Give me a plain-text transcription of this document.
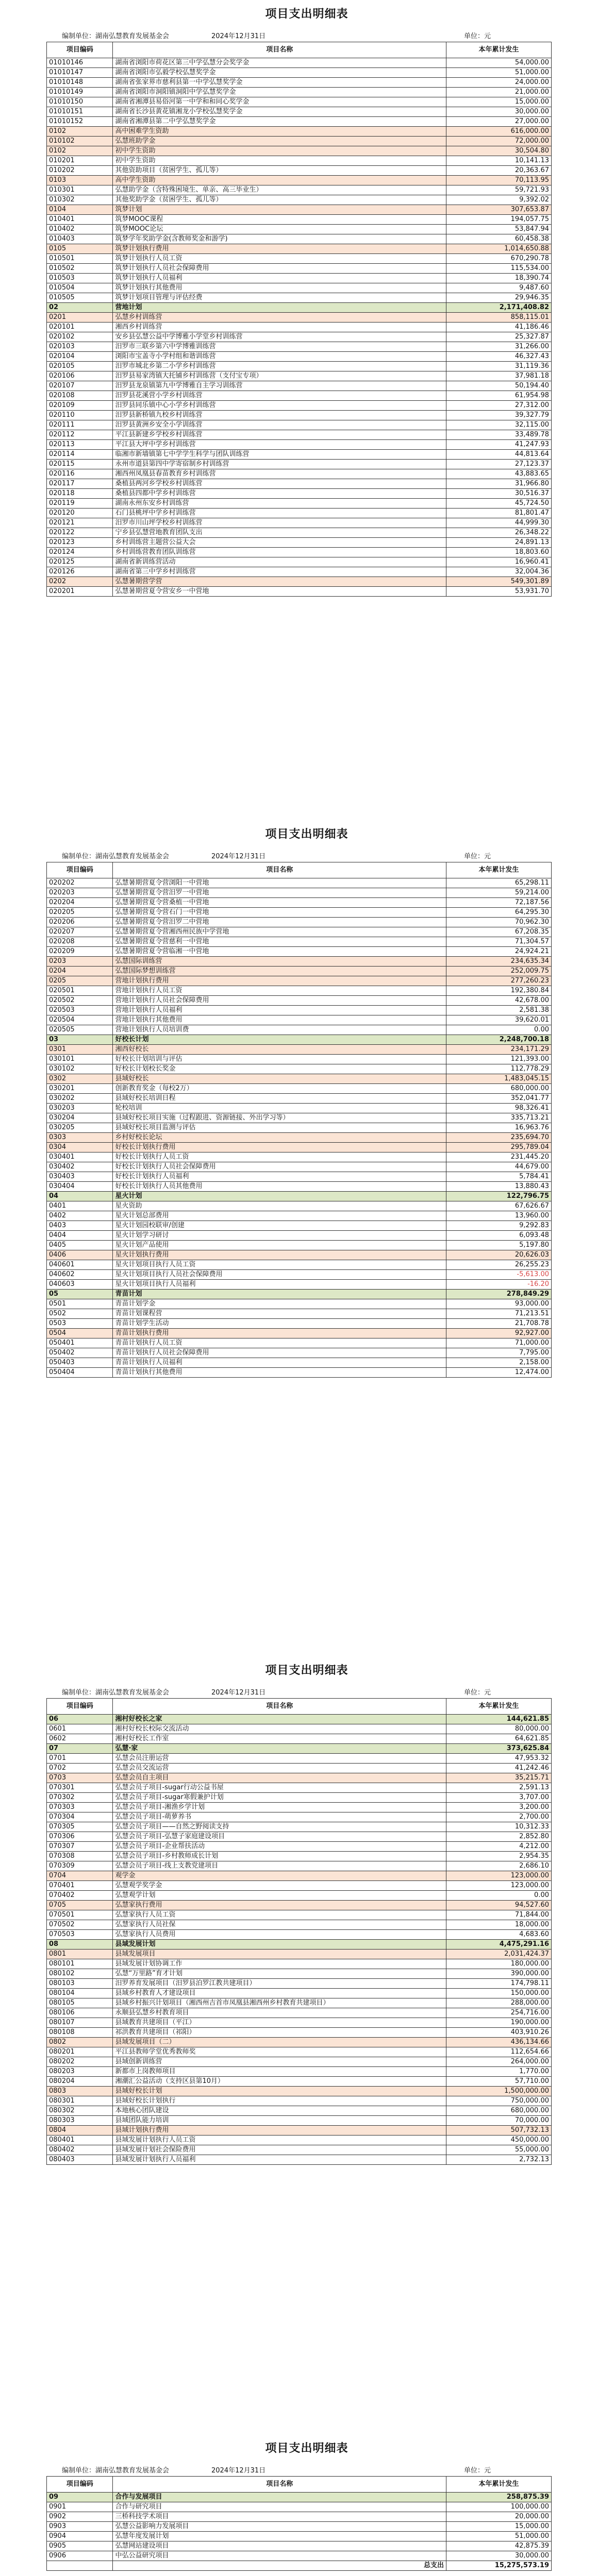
项目支出明细表
编制单位：湖南弘慧教育发展基金会	2024年12月31日	单位：元
项目编码	项目名称	本年累计发生
01010146	湖南省浏阳市荷花区第三中学弘慧分会奖学金	54,000.00
01010147	湖南省浏阳市弘毅学校弘慧奖学金	51,000.00
01010148	湖南省张家界市慈利县第一中学弘慧奖学金	24,000.00
01010149	湖南省浏阳市洞阳镇洞阳中学弘慧奖学金	21,000.00
01010150	湖南省湘潭县易俗河第一中学和和同心奖学金	15,000.00
01010151	湖南省长沙县黄花镇湘龙小学校弘慧奖学金	30,000.00
01010152	湖南省湘潭县第二中学弘慧奖学金	27,000.00
0102	高中困难学生资助	616,000.00
010102	弘慧班助学金	72,000.00
0102	初中学生资助	30,504.80
010201	初中学生资助	10,141.13
010202	其他资助项目（贫困学生、孤儿等）	20,363.67
0103	高中学生资助	70,113.95
010301	弘慧助学金（含特殊困境生、单亲、高三毕业生）	59,721.93
010302	其他奖助学金（贫困学生、孤儿等）	9,392.02
0104	筑梦计划	307,653.87
010401	筑梦MOOC课程	194,057.75
010402	筑梦MOOC论坛	53,847.94
010403	筑梦学年奖助学金(含教师奖金和游学)	60,458.38
0105	筑梦计划执行费用	1,014,650.88
010501	筑梦计划执行人员工资	670,290.78
010502	筑梦计划执行人员社会保障费用	115,534.00
010503	筑梦计划执行人员福利	18,390.74
010504	筑梦计划执行其他费用	9,487.60
010505	筑梦计划项目管理与评估经费	29,946.35
02	营地计划	2,171,408.82
0201	弘慧乡村训练营	858,115.01
020101	湘西乡村训练营	41,186.46
020102	安乡县弘慧公益中学博雅小学堂乡村训练营	25,327.87
020103	汨罗市三联乡第六中学博雅训练营	31,266.00
020104	浏阳市宝盖寺小学村组和谐训练营	46,327.43
020105	汨罗市城北乡第二小学乡村训练营	31,119.36
020106	汨罗县易家湾镇大托铺乡村训练营（支付宝专项）	37,981.18
020107	汨罗县龙泉镇第九中学博雅自主学习训练营	50,194.40
020108	汨罗县花溪营小学乡村训练营	61,954.98
020109	汨罗县同乐镇中心小学乡村训练营	27,312.00
020110	汨罗县新桥镇九校乡村训练营	39,327.79
020111	汨罗县黄洲乡安全小学训练营	32,115.00
020112	平江县新建乡学校乡村训练营	33,489.78
020113	平江县大坪中学乡村训练营	41,247.93
020114	临湘市新墙镇第七中学学生科学与团队训练营	44,813.64
020115	永州市道县第四中学寄宿制乡村训练营	27,123.37
020116	湘西州凤凰县春苗教育乡村训练营	43,883.65
020117	桑植县两河乡学校乡村训练营	31,966.80
020118	桑植县四都中学乡村训练营	30,516.37
020119	湖南永州东安乡村训练营	45,724.50
020120	石门县桃坪中学乡村训练营	81,801.47
020121	汨罗市川山坪学校乡村训练营	44,999.30
020122	宁乡县弘慧营地教育团队支出	26,348.22
020123	乡村训练营主题营公益大会	24,891.13
020124	乡村训练营教育团队训练营	18,803.60
020125	湖南省新训练营活动	16,960.41
020126	湖南省第三中学乡村训练营	32,004.36
0202	弘慧暑期营学营	549,301.89
020201	弘慧暑期营夏令营安乡一中营地	53,931.70
项目支出明细表
编制单位：湖南弘慧教育发展基金会	2024年12月31日	单位：元
项目编码	项目名称	本年累计发生
020202	弘慧暑期营夏令营浏阳一中营地	65,298.11
020203	弘慧暑期营夏令营汨罗一中营地	59,214.00
020204	弘慧暑期营夏令营桑植一中营地	72,187.56
020205	弘慧暑期营夏令营石门一中营地	64,295.30
020206	弘慧暑期营夏令营汨罗二中营地	70,962.30
020207	弘慧暑期营夏令营湘西州民族中学营地	67,208.35
020208	弘慧暑期营夏令营慈利一中营地	71,304.57
020209	弘慧暑期营夏令营临湘一中营地	24,924.21
0203	弘慧国际训练营	234,635.34
0204	弘慧国际梦想训练营	252,009.75
0205	营地计划执行费用	277,260.23
020501	营地计划执行人员工资	192,380.84
020502	营地计划执行人员社会保障费用	42,678.00
020503	营地计划执行人员福利	2,581.38
020504	营地计划执行其他费用	39,620.01
020505	营地计划执行人员培训费	0.00
03	好校长计划	2,248,700.18
0301	湘西好校长	234,171.29
030101	好校长计划培训与评估	121,393.00
030102	好校长计划校长奖金	112,778.29
0302	县域好校长	1,483,045.15
030201	创新教育奖金（每校2万）	680,000.00
030202	县域好校长培训日程	352,041.77
030203	轮校培训	98,326.41
030204	县域好校长项目实施（过程跟进、资源链接、外出学习等）	335,713.21
030205	县域好校长项目监测与评估	16,963.76
0303	乡村好校长论坛	235,694.70
0304	好校长计划执行费用	295,789.04
030401	好校长计划执行人员工资	231,445.20
030402	好校长计划执行人员社会保障费用	44,679.00
030403	好校长计划执行人员福利	5,784.41
030404	好校长计划执行人员其他费用	13,880.43
04	星火计划	122,796.75
0401	星火资助	67,626.67
0402	星火计划总部费用	13,960.00
0403	星火计划园校联审/创建	9,292.83
0404	星火计划学习研讨	6,093.48
0405	星火计划产品使用	5,197.80
0406	星火计划执行费用	20,626.03
040601	星火计划项目执行人员工资	26,255.23
040602	星火计划项目执行人员社会保障费用	-5,613.00
040603	星火计划项目执行人员福利	-16.20
05	青苗计划	278,849.29
0501	青苗计划学金	93,000.00
0502	青苗计划课程营	71,213.51
0503	青苗计划学生活动	21,708.78
0504	青苗计划执行费用	92,927.00
050401	青苗计划执行人员工资	71,000.00
050402	青苗计划执行人员社会保障费用	7,795.00
050403	青苗计划执行人员福利	2,158.00
050404	青苗计划执行其他费用	12,474.00
项目支出明细表
编制单位：湖南弘慧教育发展基金会	2024年12月31日	单位：元
项目编码	项目名称	本年累计发生
06	湘村好校长之家	144,621.85
0601	湘村好校长校际交流活动	80,000.00
0602	湘村好校长工作室	64,621.85
07	弘慧·家	373,625.84
0701	弘慧会员注册运营	47,953.32
0702	弘慧会员交流运营	41,242.46
0703	弘慧会员自主项目	35,215.71
070301	弘慧会员子项目-sugar行动公益书屋	2,591.13
070302	弘慧会员子项目-sugar寒假兼护计划	3,707.00
070303	弘慧会员子项目-湘渔乡学计划	3,200.00
070304	弘慧会员子项目-萌萝养书	2,700.00
070305	弘慧会员子项目——自然之野阅读支持	10,312.33
070306	弘慧会员子项目-弘慧子家庭建设项目	2,852.80
070307	弘慧会员子项目-企业帮扶活动	4,212.00
070308	弘慧会员子项目-乡村教师成长计划	2,954.35
070309	弘慧会员子项目-线上支教党建项目	2,686.10
0704	观学金	123,000.00
070401	弘慧观学奖学金	123,000.00
070402	弘慧观学计划	0.00
0705	弘慧家执行费用	94,527.60
070501	弘慧家执行人员工资	71,844.00
070502	弘慧家执行人员社保	18,000.00
070503	弘慧家执行人员费用	4,683.60
08	县域发展计划	4,475,291.16
0801	县域发展项目	2,031,424.37
080101	县域发展计划协调工作	180,000.00
080102	弘慧“万里路”育才计划	390,000.00
080103	汨罗养育发展项目（汨罗县泊罗江教共建项目）	174,798.11
080104	县域乡村教育人才建设项目	150,000.00
080105	县域乡村振兴计划项目（湘西州吉首市凤凰县湘西州乡村教育共建项目）	288,000.00
080106	永顺县弘慧乡村教育项目	254,716.00
080107	县域教育共建项目（平江）	190,000.00
080108	祁洪教育共建项目（祁阳）	403,910.26
0802	县域发展项目（二）	436,134.66
080201	平江县教师学堂优秀教师奖	112,654.66
080202	县域创新训练营	264,000.00
080203	新都市上岗教师项目	1,770.00
080204	湘潮汇公益活动（支持区县第10月）	57,710.00
0803	县域好校长计划	1,500,000.00
080301	县域好校长计划执行	750,000.00
080302	本地核心团队建设	680,000.00
080303	县域团队能力培训	70,000.00
0804	县域计划执行费用	507,732.13
080401	县域发展计划执行人员工资	450,000.00
080402	县域发展计划社会保险费用	55,000.00
080403	县域发展计划执行人员福利	2,732.13
项目支出明细表
编制单位：湖南弘慧教育发展基金会	2024年12月31日	单位：元
项目编码	项目名称	本年累计发生
09	合作与发展项目	258,875.39
0901	合作与研究项目	100,000.00
0902	三桥科技学术项目	20,000.00
0903	弘慧公益影响力发展项目	15,000.00
0904	弘慧年度发展计划	51,000.00
0905	弘慧网站建设项目	42,875.39
0906	中弘公益研究项目	30,000.00
	总支出	15,275,573.19
